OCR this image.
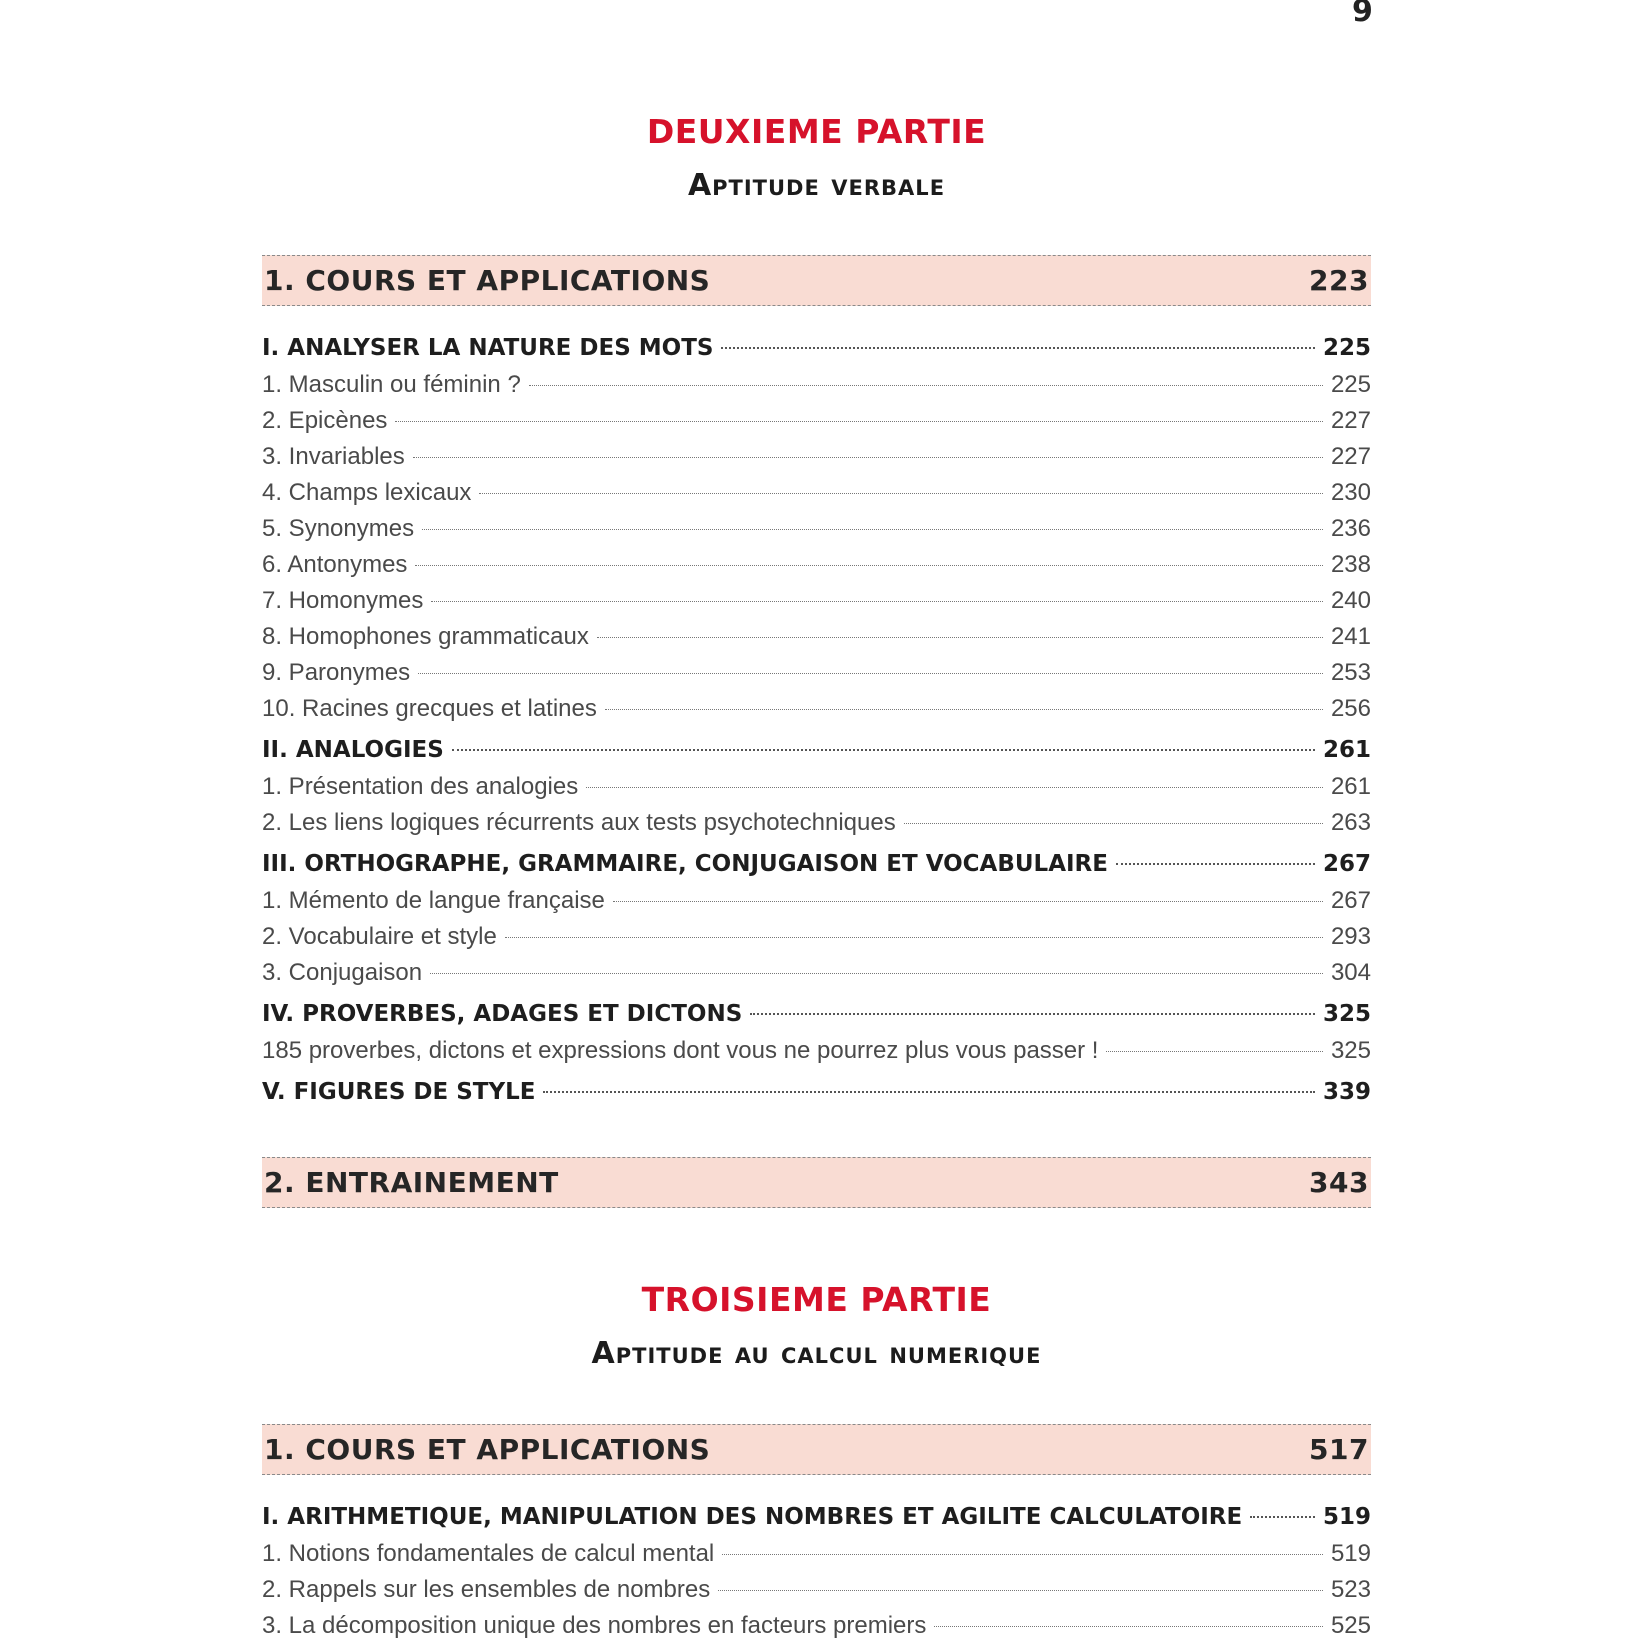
9
DEUXIEME PARTIE
Aptitude verbale
1. COURS ET APPLICATIONS	223
I. ANALYSER LA NATURE DES MOTS	225
1. Masculin ou féminin ?	225
2. Epicènes	227
3. Invariables	227
4. Champs lexicaux	230
5. Synonymes	236
6. Antonymes	238
7. Homonymes	240
8. Homophones grammaticaux	241
9. Paronymes	253
10. Racines grecques et latines	256
II. ANALOGIES	261
1. Présentation des analogies	261
2. Les liens logiques récurrents aux tests psychotechniques	263
III. ORTHOGRAPHE, GRAMMAIRE, CONJUGAISON ET VOCABULAIRE	267
1. Mémento de langue française	267
2. Vocabulaire et style	293
3. Conjugaison	304
IV. PROVERBES, ADAGES ET DICTONS	325
185 proverbes, dictons et expressions dont vous ne pourrez plus vous passer !	325
V. FIGURES DE STYLE	339
2. ENTRAINEMENT	343
TROISIEME PARTIE
Aptitude au calcul numerique
1. COURS ET APPLICATIONS	517
I. ARITHMETIQUE, MANIPULATION DES NOMBRES ET AGILITE CALCULATOIRE	519
1. Notions fondamentales de calcul mental	519
2. Rappels sur les ensembles de nombres	523
3. La décomposition unique des nombres en facteurs premiers	525
